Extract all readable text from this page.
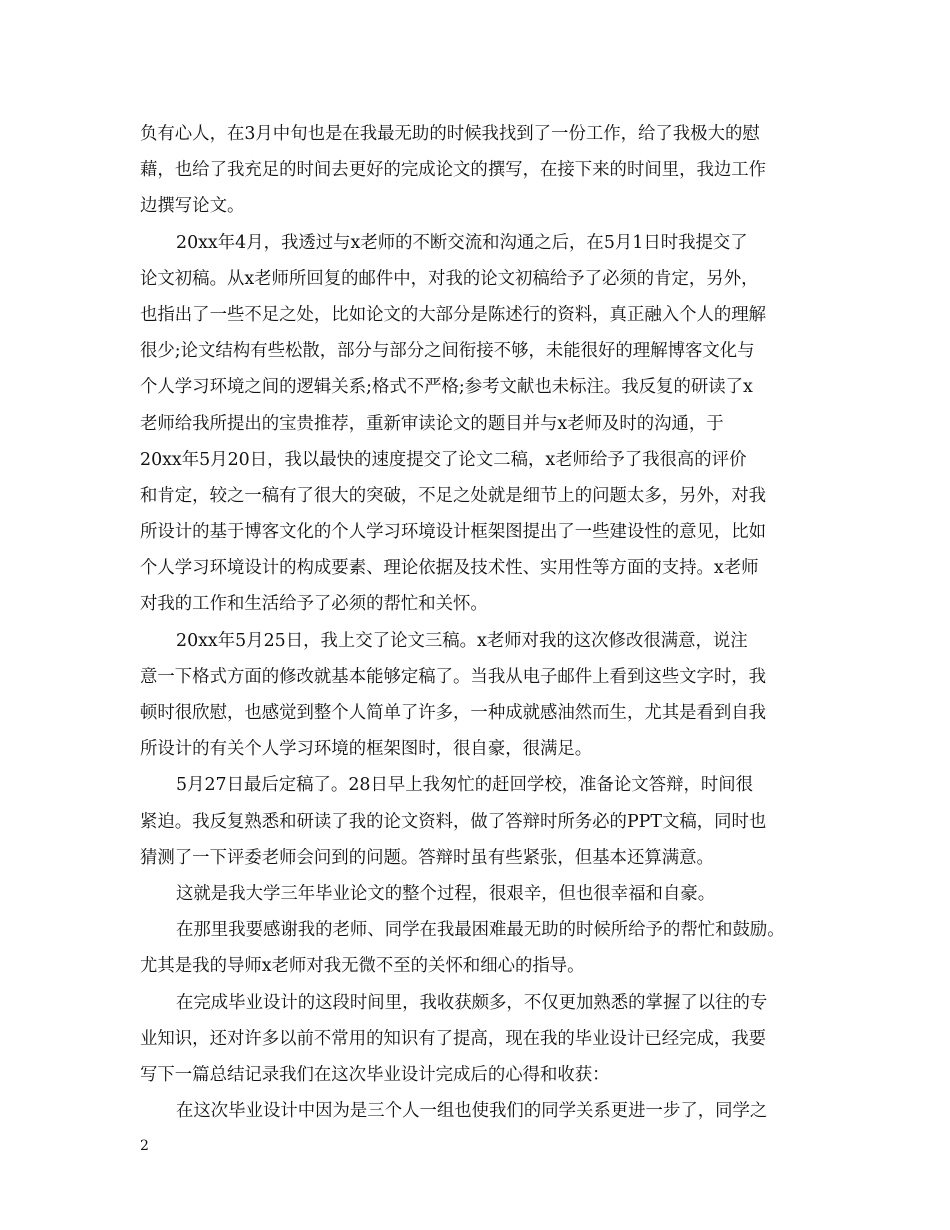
负有心人，在3月中旬也是在我最无助的时候我找到了一份工作，给了我极大的慰
藉，也给了我充足的时间去更好的完成论文的撰写，在接下来的时间里，我边工作
边撰写论文。
20xx年4月，我透过与x老师的不断交流和沟通之后，在5月1日时我提交了
论文初稿。从x老师所回复的邮件中，对我的论文初稿给予了必须的肯定，另外，
也指出了一些不足之处，比如论文的大部分是陈述行的资料，真正融入个人的理解
很少;论文结构有些松散，部分与部分之间衔接不够，未能很好的理解博客文化与
个人学习环境之间的逻辑关系;格式不严格;参考文献也未标注。我反复的研读了x
老师给我所提出的宝贵推荐，重新审读论文的题目并与x老师及时的沟通，于
20xx年5月20日，我以最快的速度提交了论文二稿，x老师给予了我很高的评价
和肯定，较之一稿有了很大的突破，不足之处就是细节上的问题太多，另外，对我
所设计的基于博客文化的个人学习环境设计框架图提出了一些建设性的意见，比如
个人学习环境设计的构成要素、理论依据及技术性、实用性等方面的支持。x老师
对我的工作和生活给予了必须的帮忙和关怀。
20xx年5月25日，我上交了论文三稿。x老师对我的这次修改很满意，说注
意一下格式方面的修改就基本能够定稿了。当我从电子邮件上看到这些文字时，我
顿时很欣慰，也感觉到整个人简单了许多，一种成就感油然而生，尤其是看到自我
所设计的有关个人学习环境的框架图时，很自豪，很满足。
5月27日最后定稿了。28日早上我匆忙的赶回学校，准备论文答辩，时间很
紧迫。我反复熟悉和研读了我的论文资料，做了答辩时所务必的PPT文稿，同时也
猜测了一下评委老师会问到的问题。答辩时虽有些紧张，但基本还算满意。
这就是我大学三年毕业论文的整个过程，很艰辛，但也很幸福和自豪。
在那里我要感谢我的老师、同学在我最困难最无助的时候所给予的帮忙和鼓励。
尤其是我的导师x老师对我无微不至的关怀和细心的指导。
在完成毕业设计的这段时间里，我收获颇多，不仅更加熟悉的掌握了以往的专
业知识，还对许多以前不常用的知识有了提高，现在我的毕业设计已经完成，我要
写下一篇总结记录我们在这次毕业设计完成后的心得和收获：
在这次毕业设计中因为是三个人一组也使我们的同学关系更进一步了，同学之
2
